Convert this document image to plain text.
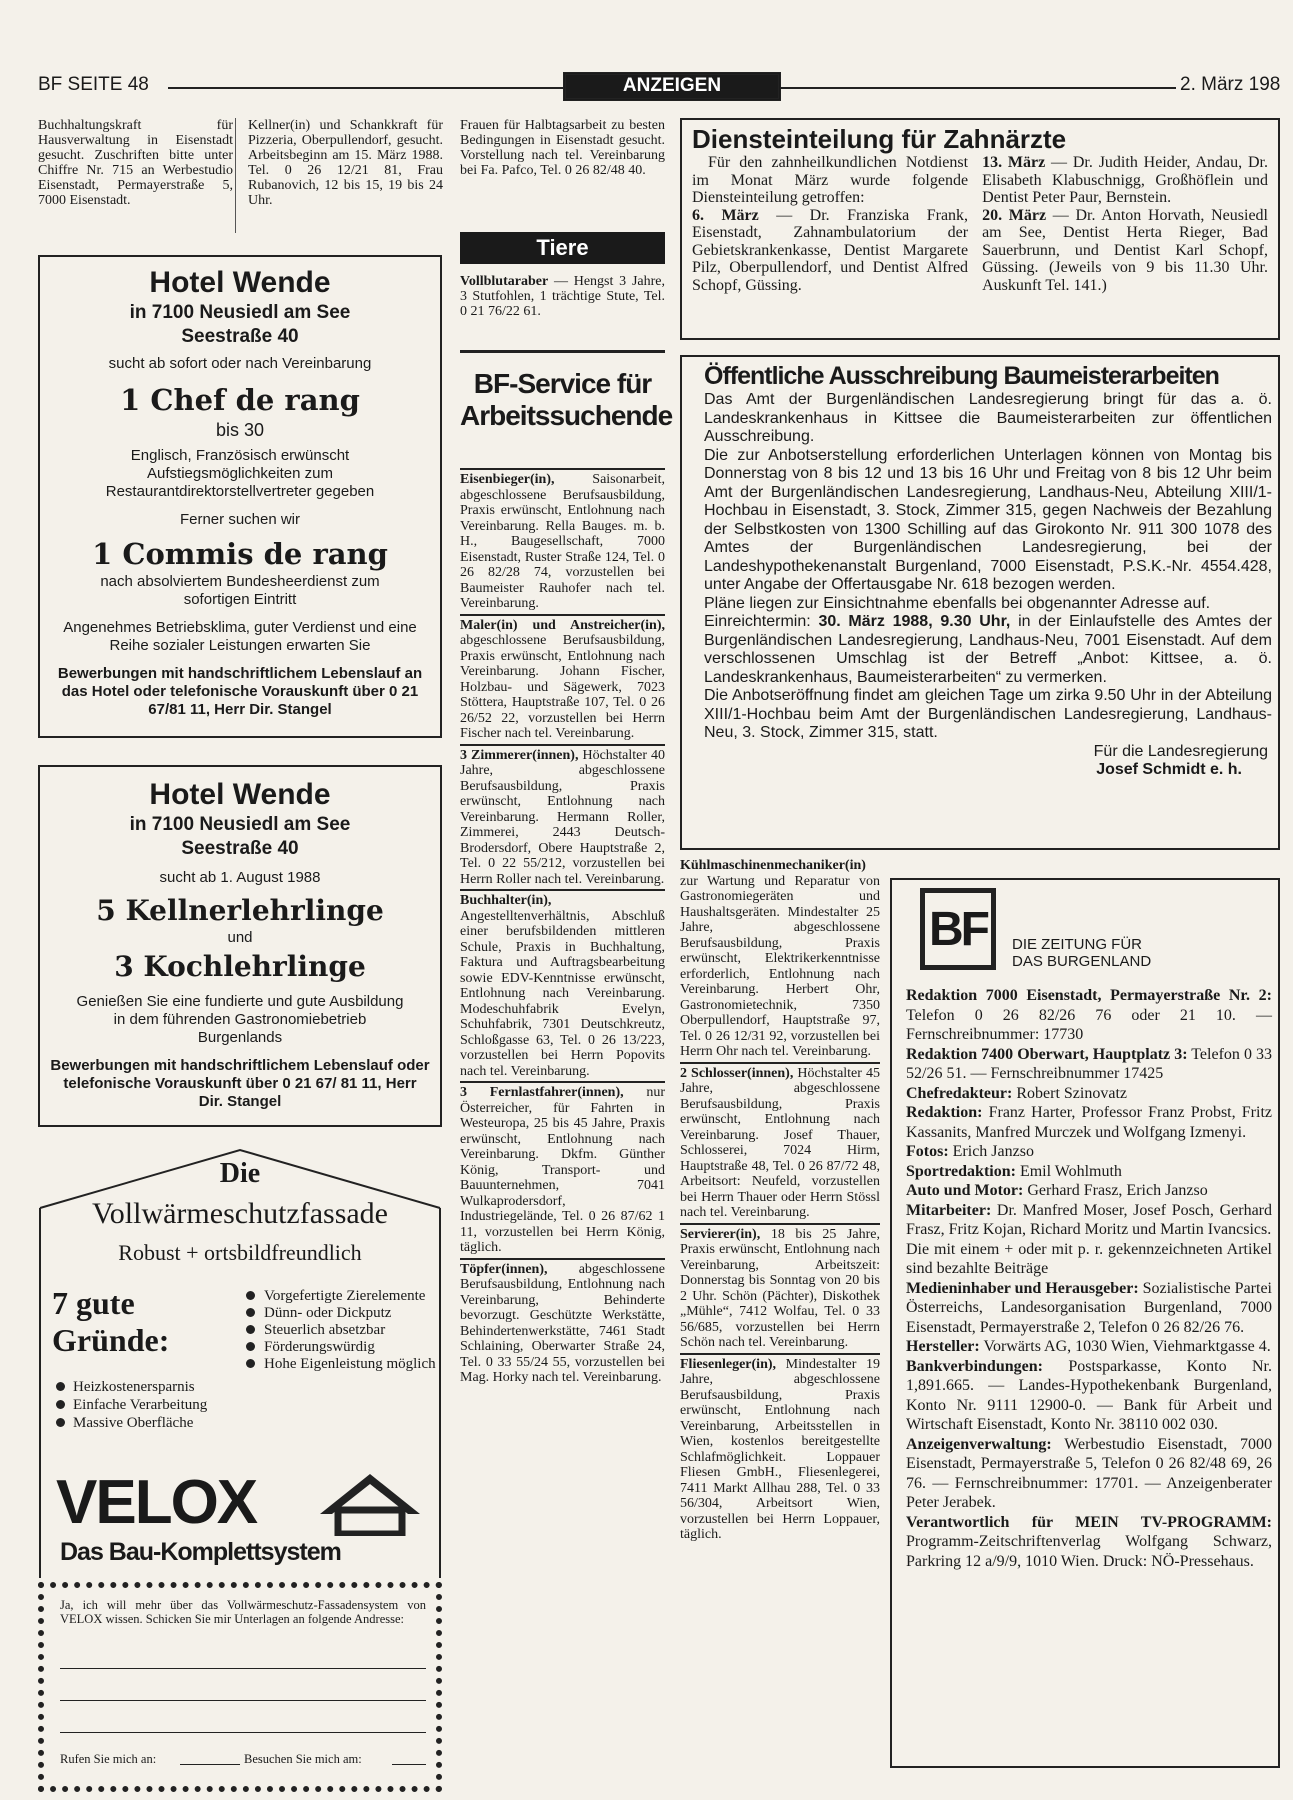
BF SEITE 48	ANZEIGEN	2. März 198
Buchhaltungskraft für Hausverwaltung in Eisenstadt gesucht. Zuschriften bitte unter Chiffre Nr. 715 an Werbestudio Eisenstadt, Permayerstraße 5, 7000 Eisenstadt.
Kellner(in) und Schankkraft für Pizzeria, Oberpullendorf, gesucht. Arbeitsbeginn am 15. März 1988. Tel. 0 26 12/21 81, Frau Rubanovich, 12 bis 15, 19 bis 24 Uhr.
Hotel Wende
in 7100 Neusiedl am See
Seestraße 40
sucht ab sofort oder nach Vereinbarung
1 Chef de rang
bis 30
Englisch, Französisch erwünscht
Aufstiegsmöglichkeiten zum Restaurantdirektorstellvertreter gegeben
Ferner suchen wir
1 Commis de rang
nach absolviertem Bundesheerdienst zum sofortigen Eintritt
Angenehmes Betriebsklima, guter Verdienst und eine Reihe sozialer Leistungen erwarten Sie
Bewerbungen mit handschriftlichem Lebenslauf an das Hotel oder telefonische Vorauskunft über 0 21 67/81 11, Herr Dir. Stangel
Hotel Wende
in 7100 Neusiedl am See
Seestraße 40
sucht ab 1. August 1988
5 Kellnerlehrlinge
und
3 Kochlehrlinge
Genießen Sie eine fundierte und gute Ausbildung in dem führenden Gastronomiebetrieb Burgenlands
Bewerbungen mit handschriftlichem Lebenslauf oder telefonische Vorauskunft über 0 21 67/ 81 11, Herr Dir. Stangel
Die
Vollwärmeschutzfassade
Robust + ortsbildfreundlich
7 gute
Gründe:
Heizkostenersparnis
Einfache Verarbeitung
Massive Oberfläche
Vorgefertigte Zierelemente
Dünn- oder Dickputz
Steuerlich absetzbar
Förderungswürdig
Hohe Eigenleistung möglich
VELOX
Das Bau-Komplettsystem
Ja, ich will mehr über das Vollwärmeschutz-Fassadensystem von VELOX wissen. Schicken Sie mir Unterlagen an folgende Andresse:
Rufen Sie mich an:	Besuchen Sie mich am:
Frauen für Halbtagsarbeit zu besten Bedingungen in Eisenstadt gesucht. Vorstellung nach tel. Vereinbarung bei Fa. Pafco, Tel. 0 26 82/48 40.
Tiere
Vollblutaraber — Hengst 3 Jahre, 3 Stutfohlen, 1 trächtige Stute, Tel. 0 21 76/22 61.
BF-Service für Arbeitssuchende
Eisenbieger(in), Saisonarbeit, abgeschlossene Berufsausbildung, Praxis erwünscht, Entlohnung nach Vereinbarung. Rella Bauges. m. b. H., Baugesellschaft, 7000 Eisenstadt, Ruster Straße 124, Tel. 0 26 82/28 74, vorzustellen bei Baumeister Rauhofer nach tel. Vereinbarung.
Maler(in) und Anstreicher(in), abgeschlossene Berufsausbildung, Praxis erwünscht, Entlohnung nach Vereinbarung. Johann Fischer, Holzbau- und Sägewerk, 7023 Stöttera, Hauptstraße 107, Tel. 0 26 26/52 22, vorzustellen bei Herrn Fischer nach tel. Vereinbarung.
3 Zimmerer(innen), Höchstalter 40 Jahre, abgeschlossene Berufsausbildung, Praxis erwünscht, Entlohnung nach Vereinbarung. Hermann Roller, Zimmerei, 2443 Deutsch-Brodersdorf, Obere Hauptstraße 2, Tel. 0 22 55/212, vorzustellen bei Herrn Roller nach tel. Vereinbarung.
Buchhalter(in), Angestelltenverhältnis, Abschluß einer berufsbildenden mittleren Schule, Praxis in Buchhaltung, Faktura und Auftragsbearbeitung sowie EDV-Kenntnisse erwünscht, Entlohnung nach Vereinbarung. Modeschuhfabrik Evelyn, Schuhfabrik, 7301 Deutschkreutz, Schloßgasse 63, Tel. 0 26 13/223, vorzustellen bei Herrn Popovits nach tel. Vereinbarung.
3 Fernlastfahrer(innen), nur Österreicher, für Fahrten in Westeuropa, 25 bis 45 Jahre, Praxis erwünscht, Entlohnung nach Vereinbarung. Dkfm. Günther König, Transport- und Bauunternehmen, 7041 Wulkaprodersdorf, Industriegelände, Tel. 0 26 87/62 1 11, vorzustellen bei Herrn König, täglich.
Töpfer(innen), abgeschlossene Berufsausbildung, Entlohnung nach Vereinbarung, Behinderte bevorzugt. Geschützte Werkstätte, Behindertenwerkstätte, 7461 Stadt Schlaining, Oberwarter Straße 24, Tel. 0 33 55/24 55, vorzustellen bei Mag. Horky nach tel. Vereinbarung.
Kühlmaschinenmechaniker(in) zur Wartung und Reparatur von Gastronomiegeräten und Haushaltsgeräten. Mindestalter 25 Jahre, abgeschlossene Berufsausbildung, Praxis erwünscht, Elektrikerkenntnisse erforderlich, Entlohnung nach Vereinbarung. Herbert Ohr, Gastronomietechnik, 7350 Oberpullendorf, Hauptstraße 97, Tel. 0 26 12/31 92, vorzustellen bei Herrn Ohr nach tel. Vereinbarung.
2 Schlosser(innen), Höchstalter 45 Jahre, abgeschlossene Berufsausbildung, Praxis erwünscht, Entlohnung nach Vereinbarung. Josef Thauer, Schlosserei, 7024 Hirm, Hauptstraße 48, Tel. 0 26 87/72 48, Arbeitsort: Neufeld, vorzustellen bei Herrn Thauer oder Herrn Stössl nach tel. Vereinbarung.
Servierer(in), 18 bis 25 Jahre, Praxis erwünscht, Entlohnung nach Vereinbarung, Arbeitszeit: Donnerstag bis Sonntag von 20 bis 2 Uhr. Schön (Pächter), Diskothek „Mühle“, 7412 Wolfau, Tel. 0 33 56/685, vorzustellen bei Herrn Schön nach tel. Vereinbarung.
Fliesenleger(in), Mindestalter 19 Jahre, abgeschlossene Berufsausbildung, Praxis erwünscht, Entlohnung nach Vereinbarung, Arbeitsstellen in Wien, kostenlos bereitgestellte Schlafmöglichkeit. Loppauer Fliesen GmbH., Fliesenlegerei, 7411 Markt Allhau 288, Tel. 0 33 56/304, Arbeitsort Wien, vorzustellen bei Herrn Loppauer, täglich.
Diensteinteilung für Zahnärzte
Für den zahnheilkundlichen Notdienst im Monat März wurde folgende Diensteinteilung getroffen:
6. März — Dr. Franziska Frank, Eisenstadt, Zahnambulatorium der Gebietskrankenkasse, Dentist Margarete Pilz, Oberpullendorf, und Dentist Alfred Schopf, Güssing.
13. März — Dr. Judith Heider, Andau, Dr. Elisabeth Klabuschnigg, Großhöflein und Dentist Peter Paur, Bernstein.
20. März — Dr. Anton Horvath, Neusiedl am See, Dentist Herta Rieger, Bad Sauerbrunn, und Dentist Karl Schopf, Güssing. (Jeweils von 9 bis 11.30 Uhr. Auskunft Tel. 141.)
Öffentliche Ausschreibung Baumeisterarbeiten
Das Amt der Burgenländischen Landesregierung bringt für das a. ö. Landeskrankenhaus in Kittsee die Baumeisterarbeiten zur öffentlichen Ausschreibung.
Die zur Anbotserstellung erforderlichen Unterlagen können von Montag bis Donnerstag von 8 bis 12 und 13 bis 16 Uhr und Freitag von 8 bis 12 Uhr beim Amt der Burgenländischen Landesregierung, Landhaus-Neu, Abteilung XIII/1-Hochbau in Eisenstadt, 3. Stock, Zimmer 315, gegen Nachweis der Bezahlung der Selbstkosten von 1300 Schilling auf das Girokonto Nr. 911 300 1078 des Amtes der Burgenländischen Landesregierung, bei der Landeshypothekenanstalt Burgenland, 7000 Eisenstadt, P.S.K.-Nr. 4554.428, unter Angabe der Offertausgabe Nr. 618 bezogen werden.
Pläne liegen zur Einsichtnahme ebenfalls bei obgenannter Adresse auf.
Einreichtermin: 30. März 1988, 9.30 Uhr, in der Einlaufstelle des Amtes der Burgenländischen Landesregierung, Landhaus-Neu, 7001 Eisenstadt. Auf dem verschlossenen Umschlag ist der Betreff „Anbot: Kittsee, a. ö. Landeskrankenhaus, Baumeisterarbeiten“ zu vermerken.
Die Anbotseröffnung findet am gleichen Tage um zirka 9.50 Uhr in der Abteilung XIII/1-Hochbau beim Amt der Burgenländischen Landesregierung, Landhaus-Neu, 3. Stock, Zimmer 315, statt.
Für die Landesregierung
Josef Schmidt e. h.
BF DIE ZEITUNG FÜR
DAS BURGENLAND
Redaktion 7000 Eisenstadt, Permayerstraße Nr. 2: Telefon 0 26 82/26 76 oder 21 10. — Fernschreibnummer: 17730
Redaktion 7400 Oberwart, Hauptplatz 3: Telefon 0 33 52/26 51. — Fernschreibnummer 17425
Chefredakteur: Robert Szinovatz
Redaktion: Franz Harter, Professor Franz Probst, Fritz Kassanits, Manfred Murczek und Wolfgang Izmenyi.
Fotos: Erich Janzso
Sportredaktion: Emil Wohlmuth
Auto und Motor: Gerhard Frasz, Erich Janzso
Mitarbeiter: Dr. Manfred Moser, Josef Posch, Gerhard Frasz, Fritz Kojan, Richard Moritz und Martin Ivancsics.
Die mit einem + oder mit p. r. gekennzeichneten Artikel sind bezahlte Beiträge
Medieninhaber und Herausgeber: Sozialistische Partei Österreichs, Landesorganisation Burgenland, 7000 Eisenstadt, Permayerstraße 2, Telefon 0 26 82/26 76.
Hersteller: Vorwärts AG, 1030 Wien, Viehmarktgasse 4.
Bankverbindungen: Postsparkasse, Konto Nr. 1,891.665. — Landes-Hypothekenbank Burgenland, Konto Nr. 9111 12900-0. — Bank für Arbeit und Wirtschaft Eisenstadt, Konto Nr. 38110 002 030.
Anzeigenverwaltung: Werbestudio Eisenstadt, 7000 Eisenstadt, Permayerstraße 5, Telefon 0 26 82/48 69, 26 76. — Fernschreibnummer: 17701. — Anzeigenberater Peter Jerabek.
Verantwortlich für MEIN TV-PROGRAMM: Programm-Zeitschriftenverlag Wolfgang Schwarz, Parkring 12 a/9/9, 1010 Wien. Druck: NÖ-Pressehaus.
